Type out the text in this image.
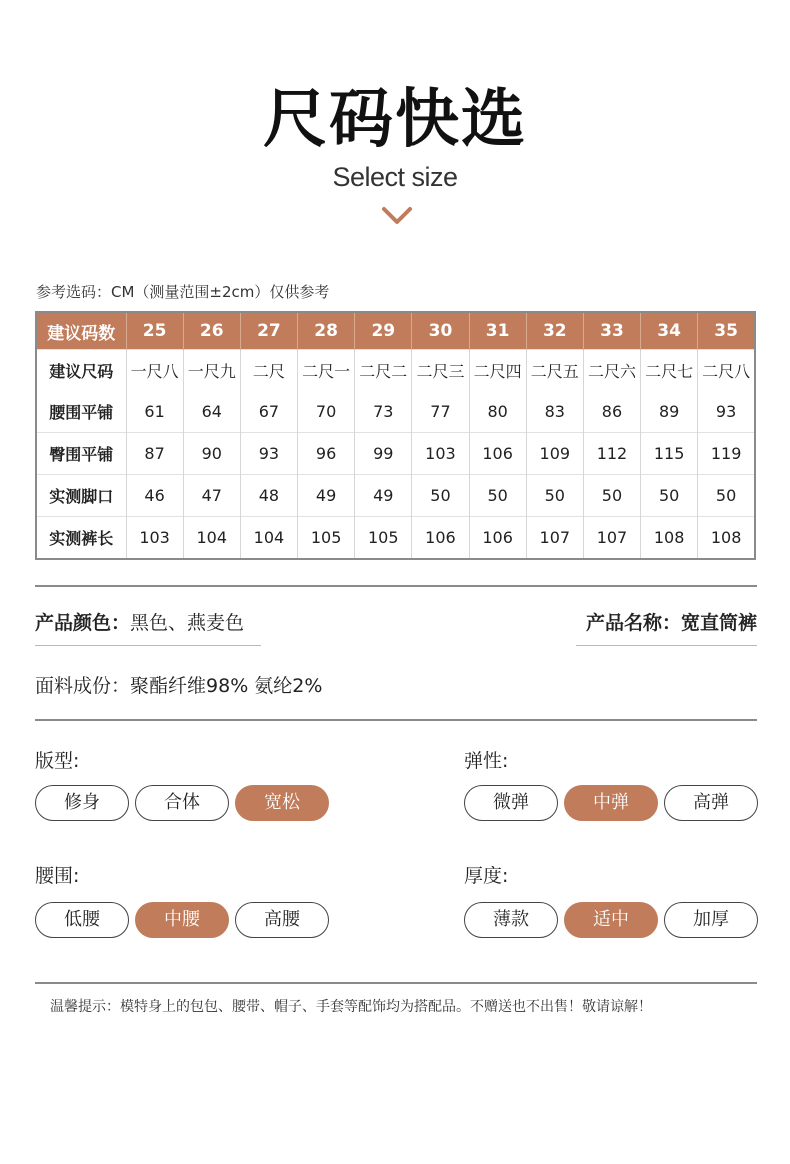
尺码快选
Select size
参考选码：CM（测量范围±2cm）仅供参考
建议码数	25	26	27	28	29	30	31	32	33	34	35
建议尺码	一尺八	一尺九	二尺	二尺一	二尺二	二尺三	二尺四	二尺五	二尺六	二尺七	二尺八
腰围平铺	61	64	67	70	73	77	80	83	86	89	93
臀围平铺	87	90	93	96	99	103	106	109	112	115	119
实测脚口	46	47	48	49	49	50	50	50	50	50	50
实测裤长	103	104	104	105	105	106	106	107	107	108	108
产品颜色：黑色、燕麦色	产品名称：宽直筒裤
面料成份：聚酯纤维98% 氨纶2%
版型:
修身	合体	宽松
弹性:
微弹	中弹	高弹
腰围:
低腰	中腰	高腰
厚度:
薄款	适中	加厚
温馨提示：模特身上的包包、腰带、帽子、手套等配饰均为搭配品。不赠送也不出售！敬请谅解！
